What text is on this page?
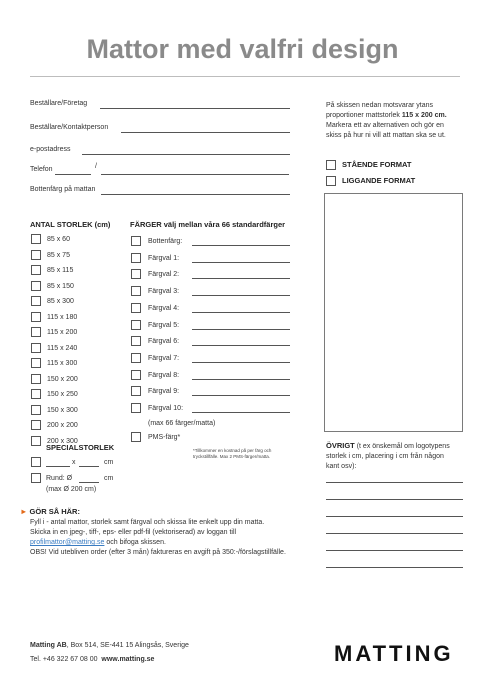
Mattor med valfri design
Beställare/Företag
Beställare/Kontaktperson
e-postadress
Telefon
Bottenfärg på mattan
/
ANTAL STORLEK (cm)
85 x 60
85 x 75
85 x 115
85 x 150
85 x 300
115 x 180
115 x 200
115 x 240
115 x 300
150 x 200
150 x 250
150 x 300
200 x 200
200 x 300
SPECIALSTORLEK
x	cm
Rund: Ø	cm
(max Ø 200 cm)
FÄRGER välj mellan våra 66 standardfärger
Bottenfärg:
Färgval 1:
Färgval 2:
Färgval 3:
Färgval 4:
Färgval 5:
Färgval 6:
Färgval 7:
Färgval 8:
Färgval 9:
Färgval 10:
(max 66 färger/matta)
PMS-färg*
*Tillkommer en kostnad på per färg och
tryckstillfälle. Max 2 PMS-färger/matta.
På skissen nedan motsvarar ytans
proportioner mattstorlek 115 x 200 cm.
Markera ett av alternativen och gör en
skiss på hur ni vill att mattan ska se ut.
STÅENDE FORMAT
LIGGANDE FORMAT
ÖVRIGT (t ex önskemål om logotypens
storlek i cm, placering i cm från någon
kant osv):
► GÖR SÅ HÄR:
Fyll i - antal mattor, storlek samt färgval och skissa lite enkelt upp din matta.
Skicka in en jpeg-, tiff-, eps- eller pdf-fil (vektoriserad) av loggan till
profilmattor@matting.se och bifoga skissen.
OBS! Vid utebliven order (efter 3 mån) faktureras en avgift på 350:-/förslagstillfälle.
Matting AB, Box 514, SE-441 15 Alingsås, Sverige
Tel. +46 322 67 08 00 www.matting.se	MATTING
